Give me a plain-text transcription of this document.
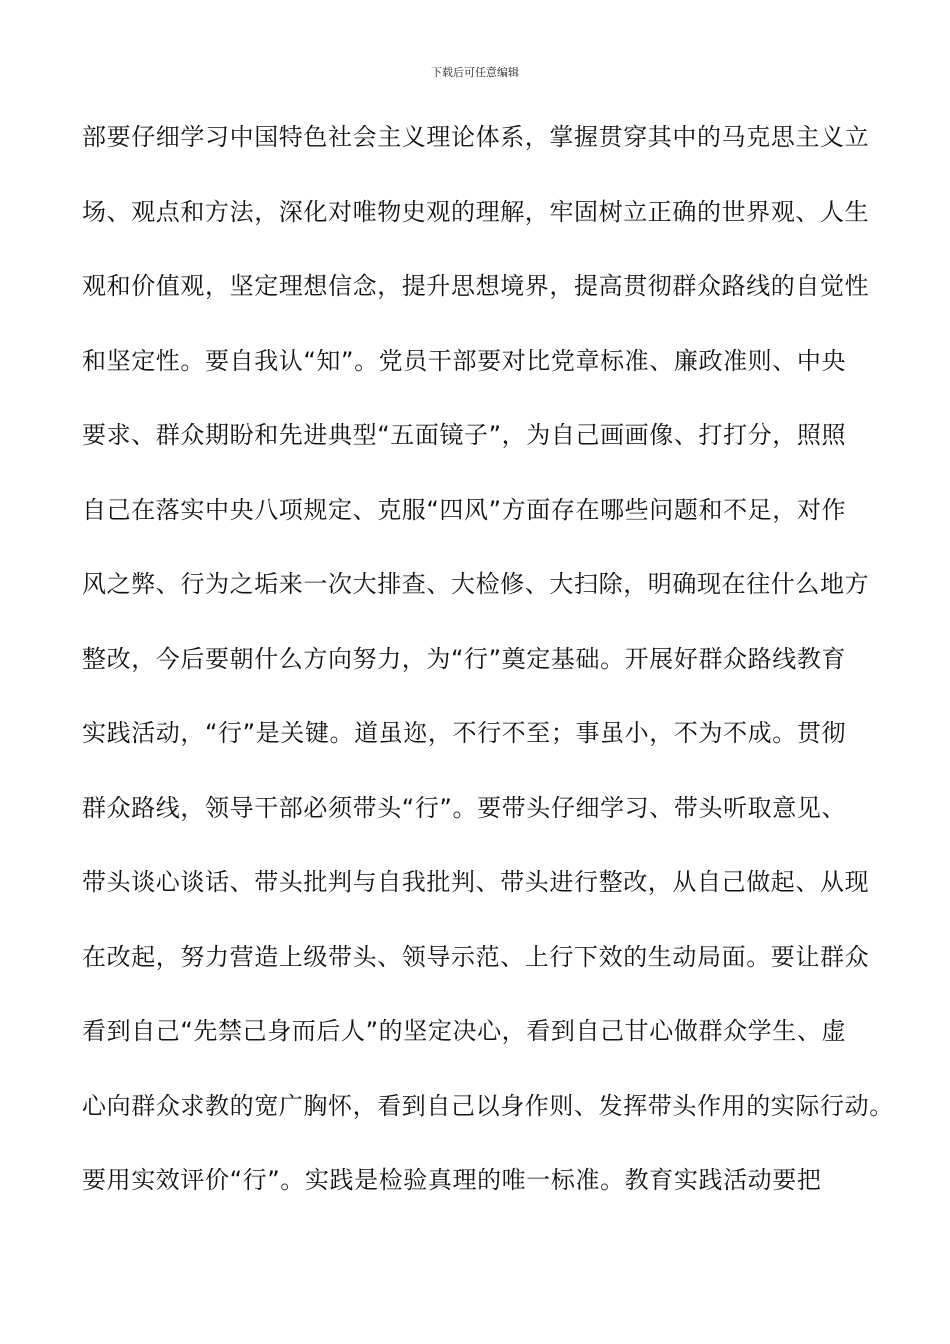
下载后可任意编辑
部要仔细学习中国特色社会主义理论体系，掌握贯穿其中的马克思主义立
场、观点和方法，深化对唯物史观的理解，牢固树立正确的世界观、人生
观和价值观，坚定理想信念，提升思想境界，提高贯彻群众路线的自觉性
和坚定性。要自我认“知”。党员干部要对比党章标准、廉政准则、中央
要求、群众期盼和先进典型“五面镜子”，为自己画画像、打打分，照照
自己在落实中央八项规定、克服“四风”方面存在哪些问题和不足，对作
风之弊、行为之垢来一次大排查、大检修、大扫除，明确现在往什么地方
整改，今后要朝什么方向努力，为“行”奠定基础。开展好群众路线教育
实践活动，“行”是关键。道虽迩，不行不至；事虽小，不为不成。贯彻
群众路线，领导干部必须带头“行”。要带头仔细学习、带头听取意见、
带头谈心谈话、带头批判与自我批判、带头进行整改，从自己做起、从现
在改起，努力营造上级带头、领导示范、上行下效的生动局面。要让群众
看到自己“先禁己身而后人”的坚定决心，看到自己甘心做群众学生、虚
心向群众求教的宽广胸怀，看到自己以身作则、发挥带头作用的实际行动。
要用实效评价“行”。实践是检验真理的唯一标准。教育实践活动要把
